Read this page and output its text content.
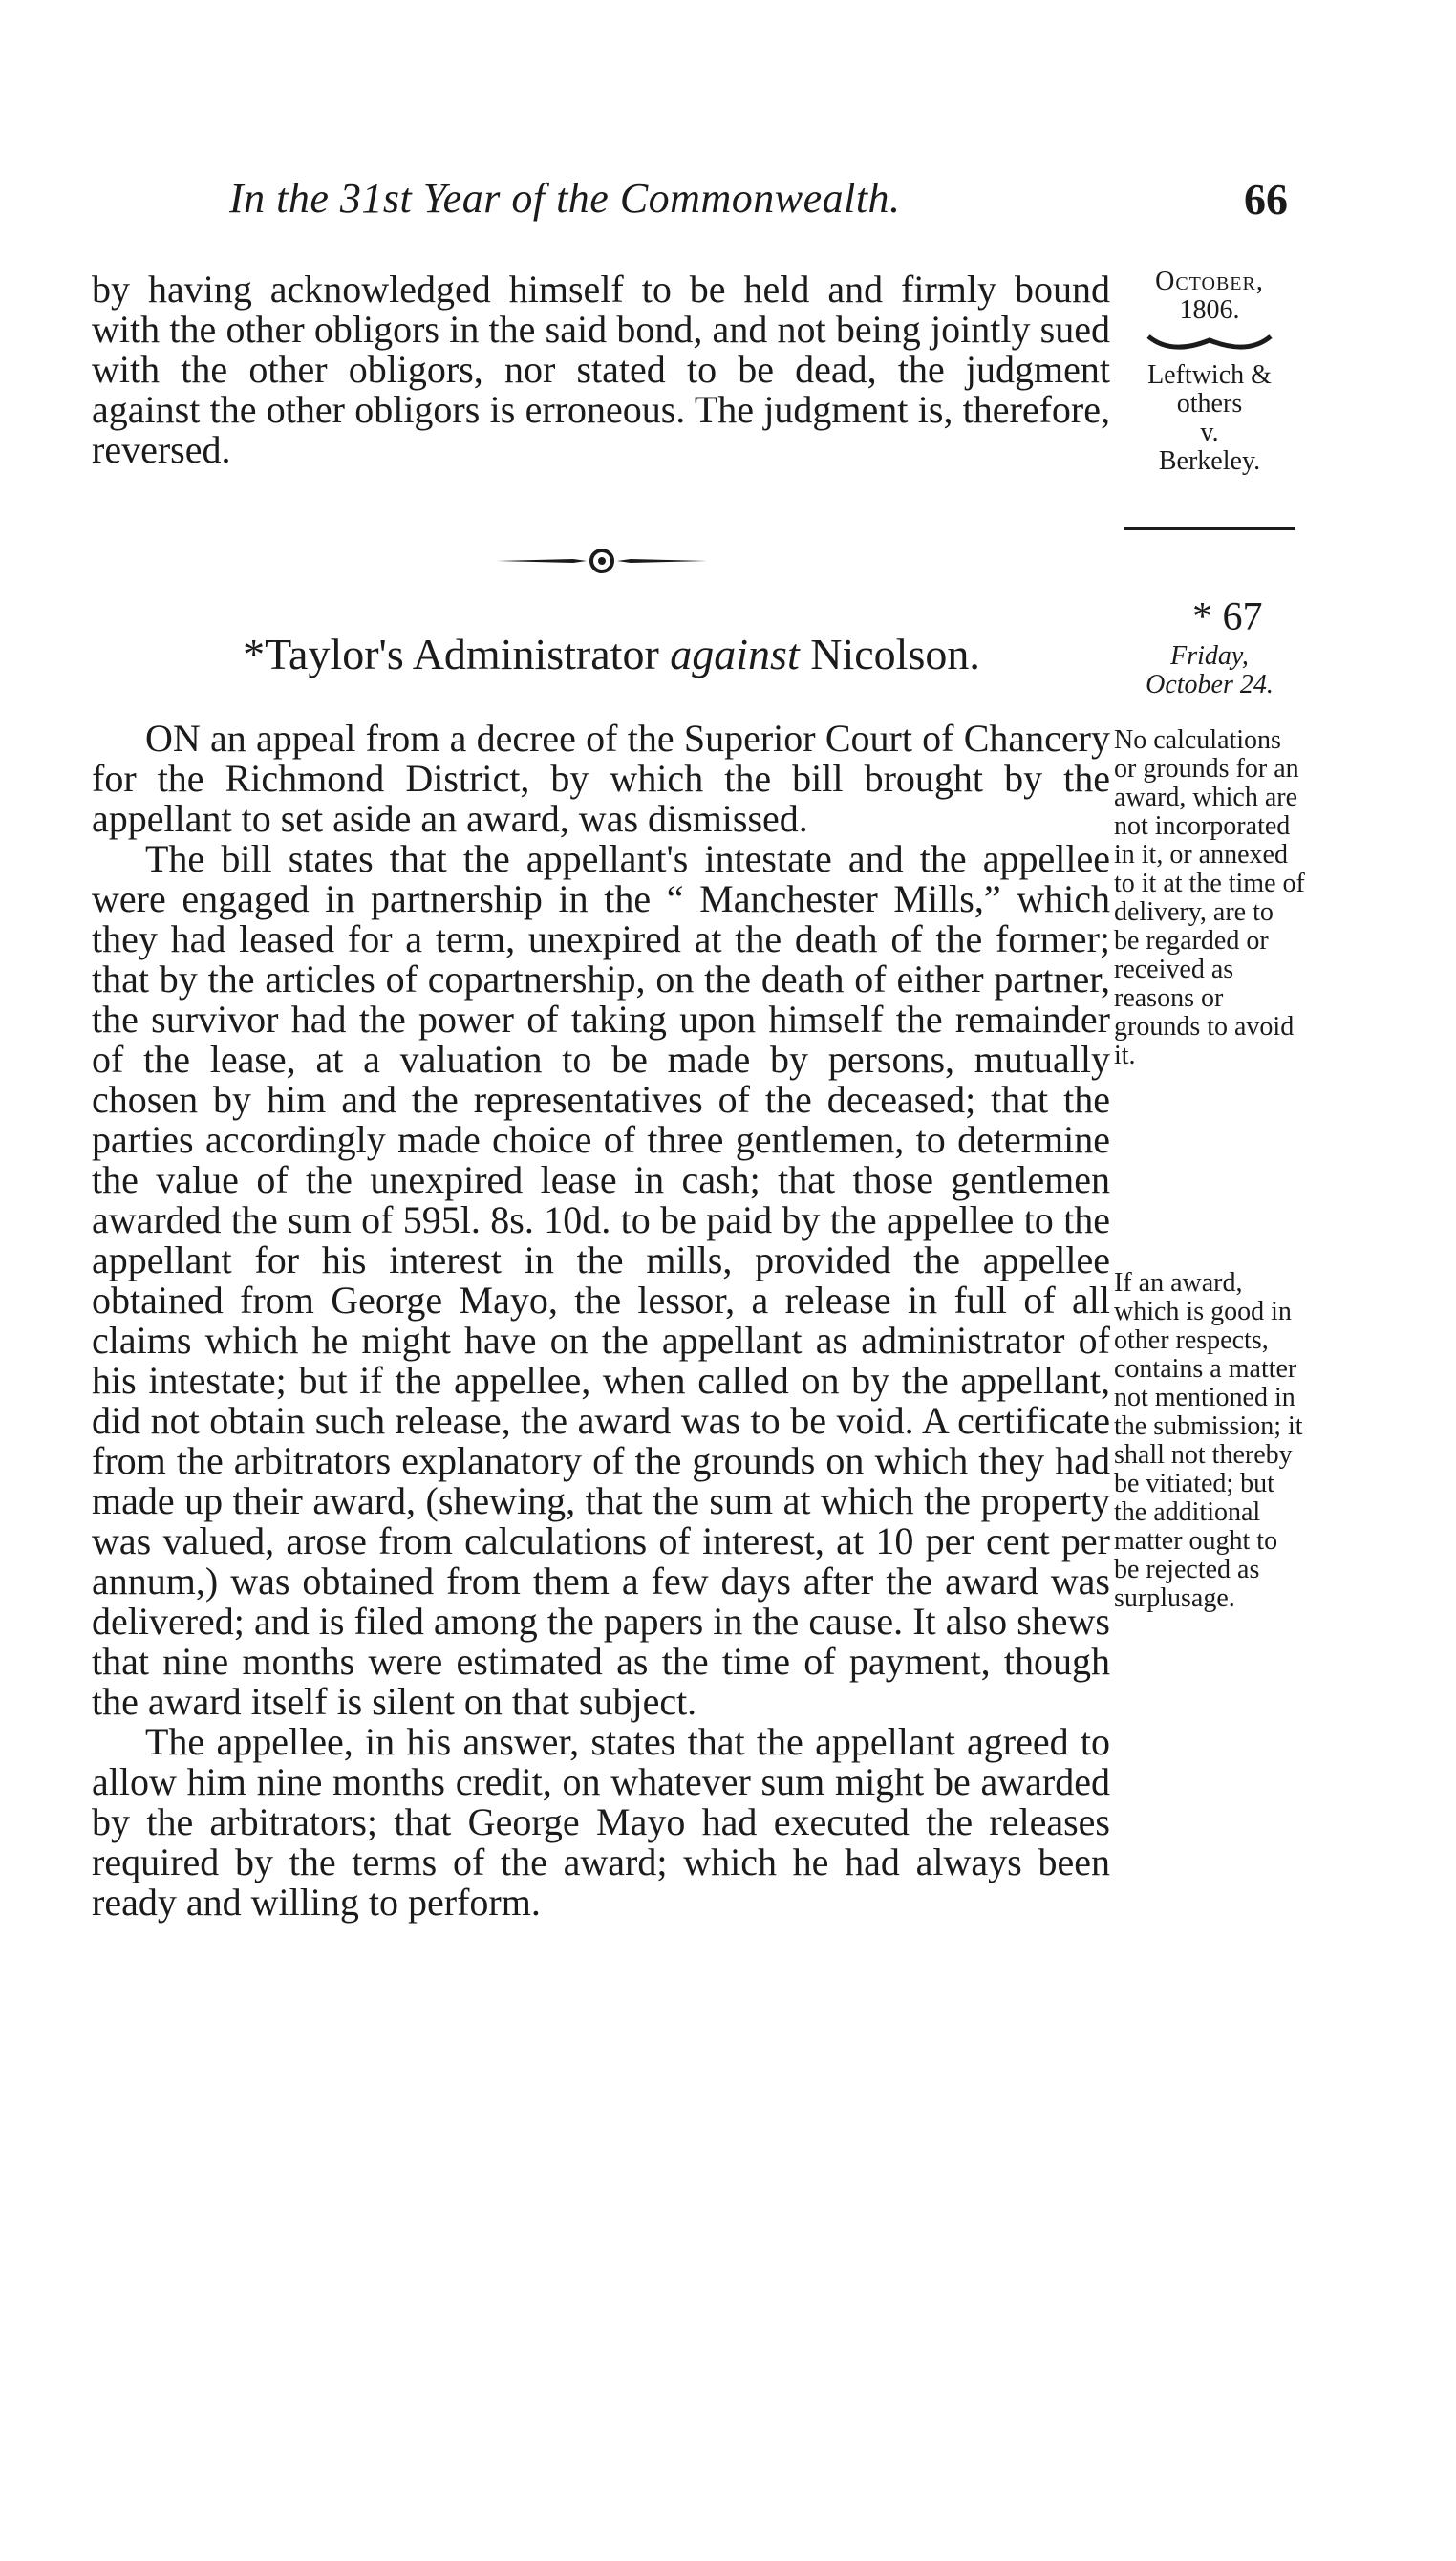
In the 31st Year of the Commonwealth.	66

by having acknowledged himself to be held and firmly bound with the other obligors in the said bond, and not being jointly sued with the other obligors, nor stated to be dead, the judgment against the other obligors is erroneous. The judgment is, therefore, reversed.

October,
1806.
Leftwich &
others
v.
Berkeley.
* 67
*Taylor's Administrator against Nicolson.	Friday,
October 24.

ON an appeal from a decree of the Superior Court of Chancery for the Richmond District, by which the bill brought by the appellant to set aside an award, was dismissed.

The bill states that the appellant's intestate and the appellee were engaged in partnership in the “ Manchester Mills,” which they had leased for a term, unexpired at the death of the former; that by the articles of copartnership, on the death of either partner, the survivor had the power of taking upon himself the remainder of the lease, at a valuation to be made by persons, mutually chosen by him and the representatives of the deceased; that the parties accordingly made choice of three gentlemen, to determine the value of the unexpired lease in cash; that those gentlemen awarded the sum of 595l. 8s. 10d. to be paid by the appellee to the appellant for his interest in the mills, provided the appellee obtained from George Mayo, the lessor, a release in full of all claims which he might have on the appellant as administrator of his intestate; but if the appellee, when called on by the appellant, did not obtain such release, the award was to be void. A certificate from the arbitrators explanatory of the grounds on which they had made up their award, (shewing, that the sum at which the property was valued, arose from calculations of interest, at 10 per cent per annum,) was obtained from them a few days after the award was delivered; and is filed among the papers in the cause. It also shews that nine months were estimated as the time of payment, though the award itself is silent on that subject.

The appellee, in his answer, states that the appellant agreed to allow him nine months credit, on whatever sum might be awarded by the arbitrators; that George Mayo had executed the releases required by the terms of the award; which he had always been ready and willing to perform.

No calculations or grounds for an award, which are not incorporated in it, or annexed to it at the time of delivery, are to be regarded or received as reasons or grounds to avoid it.
If an award, which is good in other respects, contains a matter not mentioned in the submission; it shall not thereby be vitiated; but the additional matter ought to be rejected as surplusage.
